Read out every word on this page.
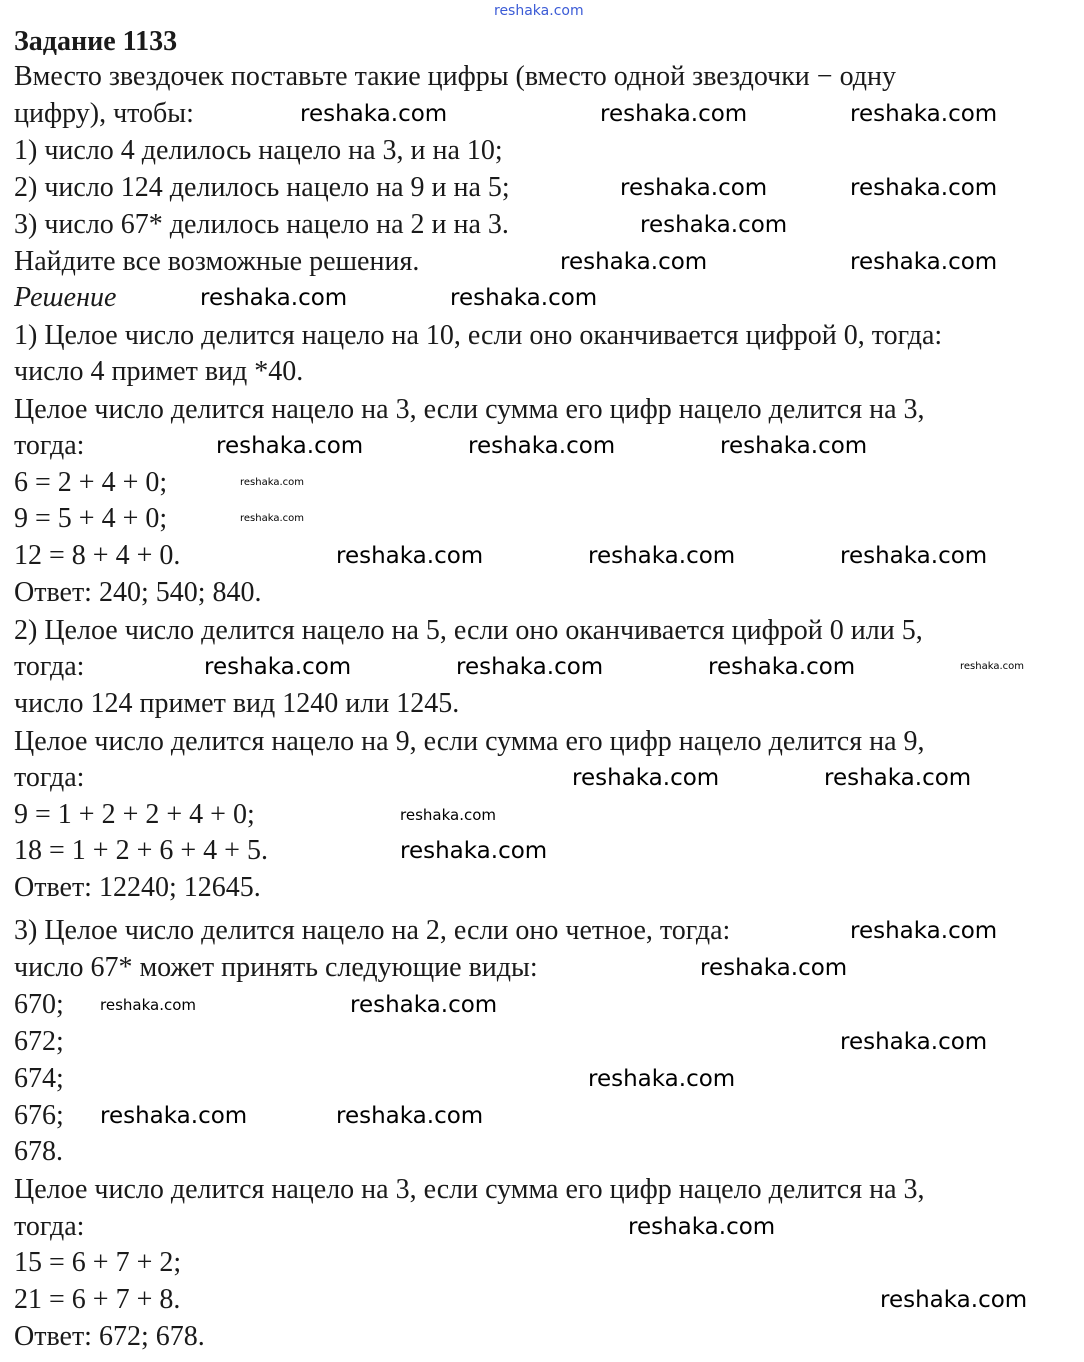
Задание 1133
Вместо звездочек поставьте такие цифры (вместо одной звездочки − одну
цифру), чтобы:
1) число 4 делилось нацело на 3, и на 10;
2) число 124 делилось нацело на 9 и на 5;
3) число 67* делилось нацело на 2 и на 3.
Найдите все возможные решения.
Решение
1) Целое число делится нацело на 10, если оно оканчивается цифрой 0, тогда:
число 4 примет вид *40.
Целое число делится нацело на 3, если сумма его цифр нацело делится на 3,
тогда:
6 = 2 + 4 + 0;
9 = 5 + 4 + 0;
12 = 8 + 4 + 0.
Ответ: 240; 540; 840.
2) Целое число делится нацело на 5, если оно оканчивается цифрой 0 или 5,
тогда:
число 124 примет вид 1240 или 1245.
Целое число делится нацело на 9, если сумма его цифр нацело делится на 9,
тогда:
9 = 1 + 2 + 2 + 4 + 0;
18 = 1 + 2 + 6 + 4 + 5.
Ответ: 12240; 12645.
3) Целое число делится нацело на 2, если оно четное, тогда:
число 67* может принять следующие виды:
670;
672;
674;
676;
678.
Целое число делится нацело на 3, если сумма его цифр нацело делится на 3,
тогда:
15 = 6 + 7 + 2;
21 = 6 + 7 + 8.
Ответ: 672; 678.
reshaka.com
reshaka.com
reshaka.com
reshaka.com	reshaka.com	reshaka.com
reshaka.com	reshaka.com
reshaka.com
reshaka.com	reshaka.com
reshaka.com	reshaka.com
reshaka.com	reshaka.com	reshaka.com
reshaka.com
reshaka.com
reshaka.com	reshaka.com	reshaka.com
reshaka.com	reshaka.com	reshaka.com	reshaka.com
reshaka.com	reshaka.com
reshaka.com
reshaka.com
reshaka.com
reshaka.com
reshaka.com	reshaka.com
reshaka.com
reshaka.com
reshaka.com	reshaka.com
